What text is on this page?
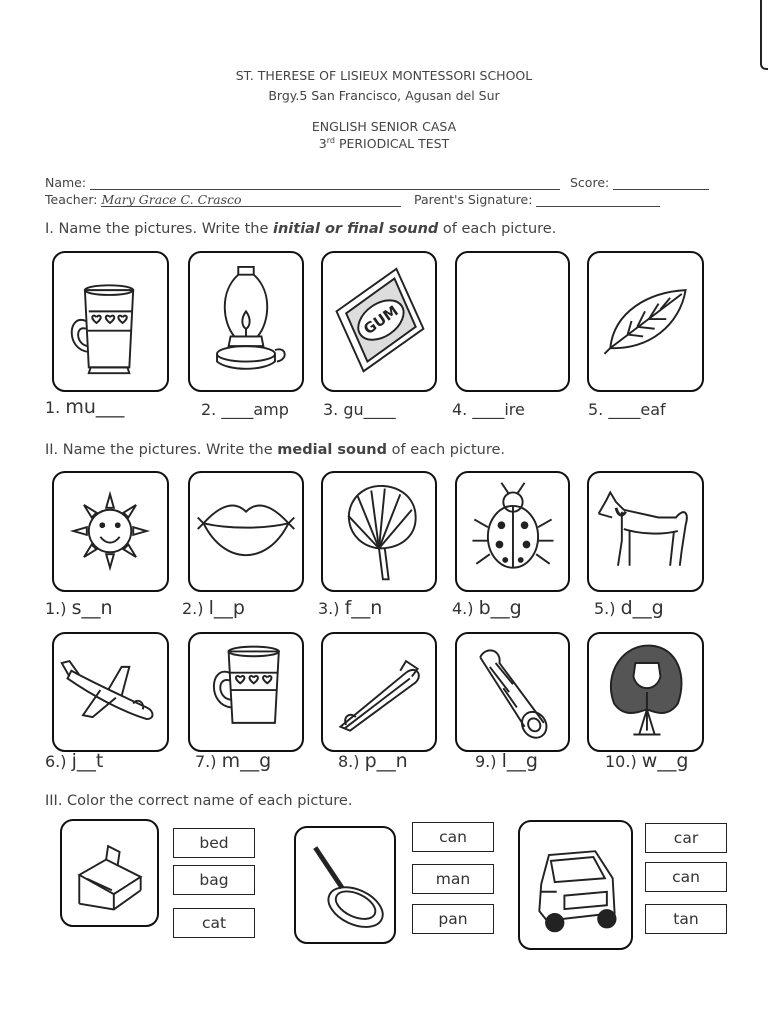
ST. THERESE OF LISIEUX MONTESSORI SCHOOL
Brgy.5 San Francisco, Agusan del Sur
ENGLISH SENIOR CASA
3rd PERIODICAL TEST
Name:	Score:
Teacher: Mary Grace C. Crasco	Parent's Signature:
I. Name the pictures. Write the initial or final sound of each picture.
GUM
1. mu___	2. ____amp 3. gu____	4. ____ire	5. ____eaf
II. Name the pictures. Write the medial sound of each picture.
1.) s__n	2.) l__p	3.) f__n	4.) b__g	5.) d__g
6.) j__t	7.) m__g	8.) p__n	9.) l__g	10.) w__g
III. Color the correct name of each picture.
bed
bag
cat
can
man
pan
car
can
tan
